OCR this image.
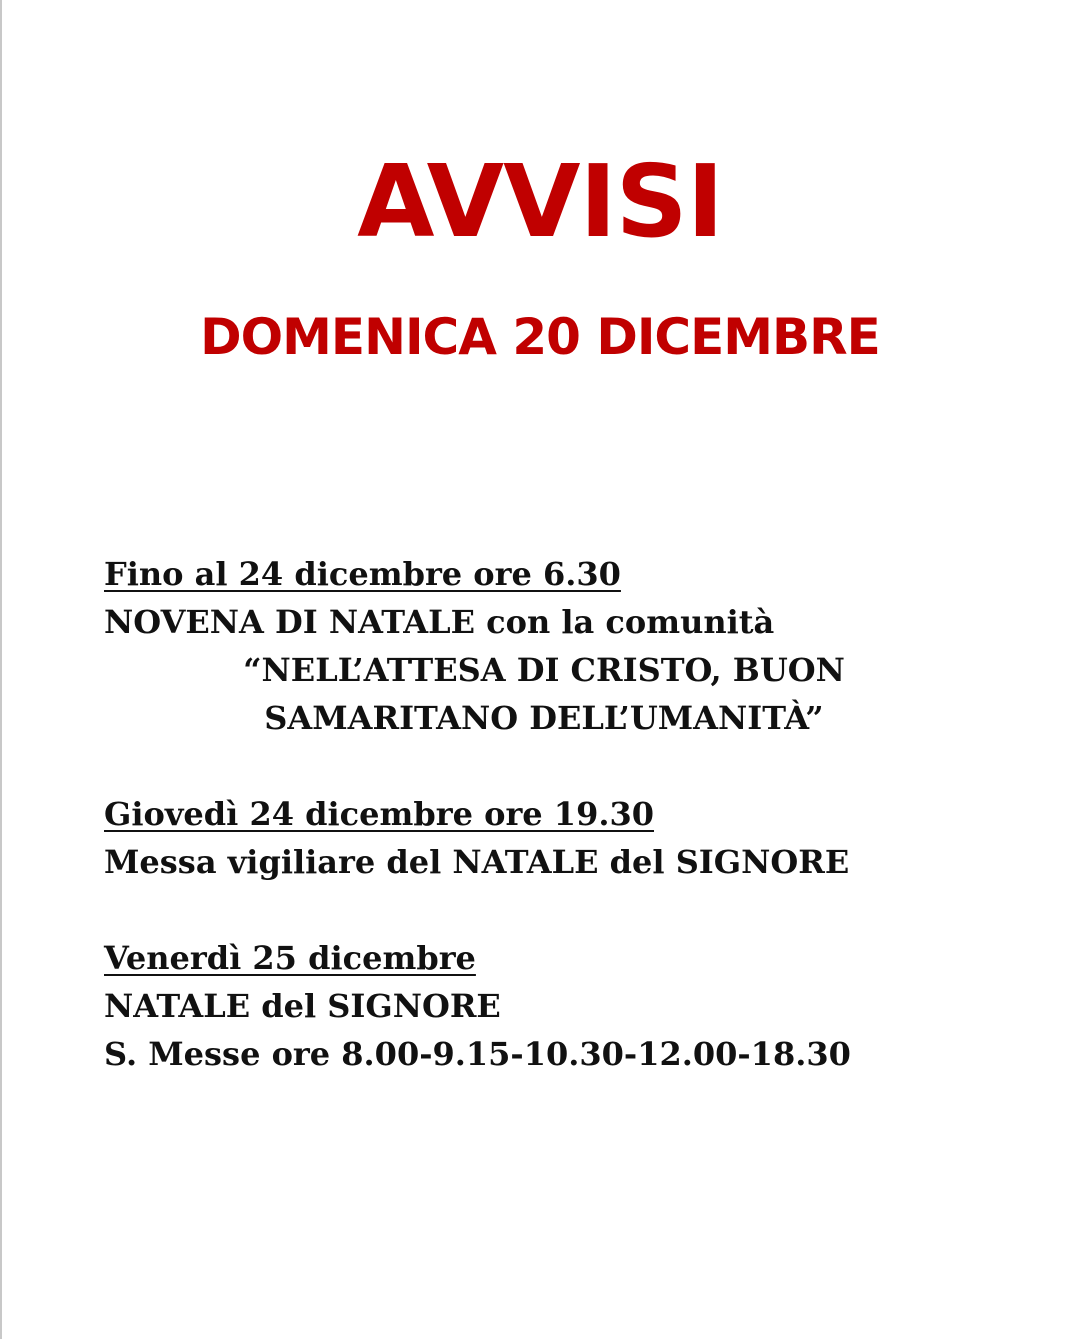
AVVISI
DOMENICA 20 DICEMBRE
Fino al 24 dicembre ore 6.30
NOVENA DI NATALE con la comunità
“NELL’ATTESA DI CRISTO, BUON
SAMARITANO DELL’UMANITÀ”
Giovedì 24 dicembre ore 19.30
Messa vigiliare del NATALE del SIGNORE
Venerdì 25 dicembre
NATALE del SIGNORE
S. Messe ore 8.00-9.15-10.30-12.00-18.30
